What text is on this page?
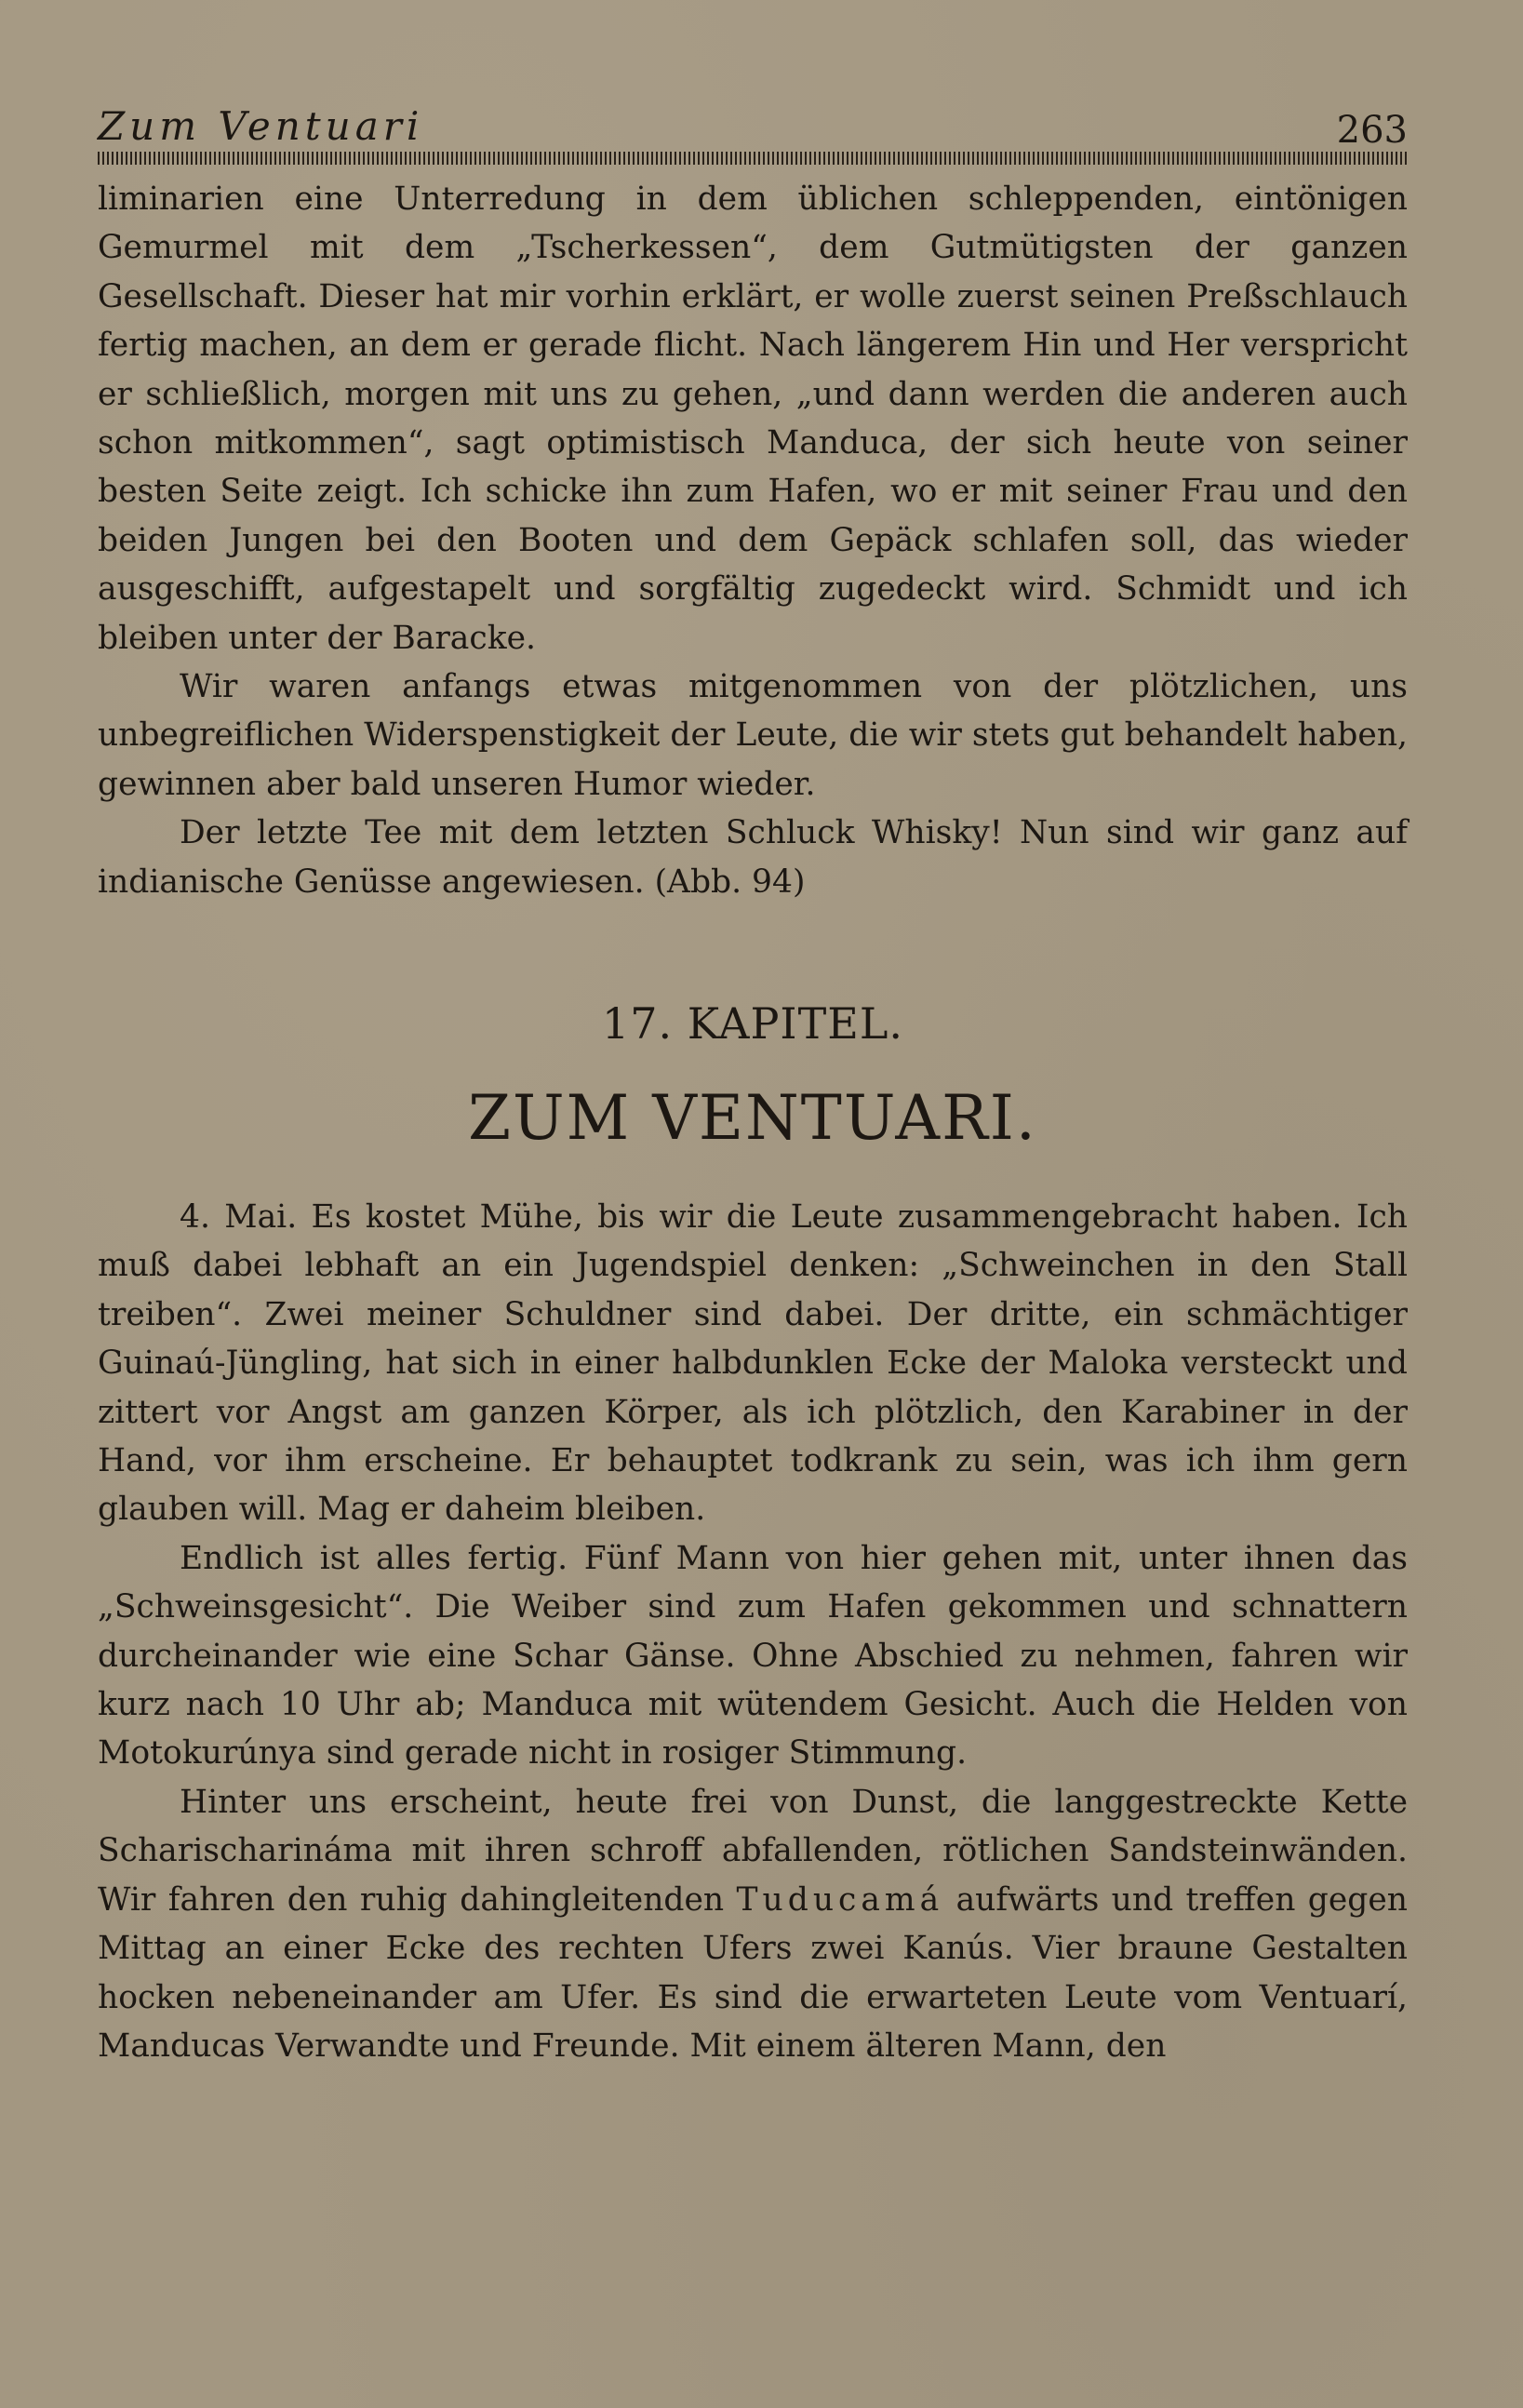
Zum Ventuari	263

liminarien eine Unterredung in dem üblichen schleppenden, eintönigen Gemurmel mit dem „Tscherkessen“, dem Gutmütigsten der ganzen Gesellschaft. Dieser hat mir vorhin erklärt, er wolle zuerst seinen Preßschlauch fertig machen, an dem er gerade flicht. Nach längerem Hin und Her verspricht er schließlich, morgen mit uns zu gehen, „und dann werden die anderen auch schon mitkommen“, sagt optimistisch Manduca, der sich heute von seiner besten Seite zeigt. Ich schicke ihn zum Hafen, wo er mit seiner Frau und den beiden Jungen bei den Booten und dem Gepäck schlafen soll, das wieder ausgeschifft, aufgestapelt und sorgfältig zugedeckt wird. Schmidt und ich bleiben unter der Baracke.

Wir waren anfangs etwas mitgenommen von der plötzlichen, uns unbegreiflichen Widerspenstigkeit der Leute, die wir stets gut behandelt haben, gewinnen aber bald unseren Humor wieder.

Der letzte Tee mit dem letzten Schluck Whisky! Nun sind wir ganz auf indianische Genüsse angewiesen. (Abb. 94)

17. KAPITEL.
ZUM VENTUARI.

4. Mai. Es kostet Mühe, bis wir die Leute zusammengebracht haben. Ich muß dabei lebhaft an ein Jugendspiel denken: „Schweinchen in den Stall treiben“. Zwei meiner Schuldner sind dabei. Der dritte, ein schmächtiger Guinaú-Jüngling, hat sich in einer halbdunklen Ecke der Maloka versteckt und zittert vor Angst am ganzen Körper, als ich plötzlich, den Karabiner in der Hand, vor ihm erscheine. Er behauptet todkrank zu sein, was ich ihm gern glauben will. Mag er daheim bleiben.

Endlich ist alles fertig. Fünf Mann von hier gehen mit, unter ihnen das „Schweinsgesicht“. Die Weiber sind zum Hafen gekommen und schnattern durcheinander wie eine Schar Gänse. Ohne Abschied zu nehmen, fahren wir kurz nach 10 Uhr ab; Manduca mit wütendem Gesicht. Auch die Helden von Motokurúnya sind gerade nicht in rosiger Stimmung.

Hinter uns erscheint, heute frei von Dunst, die langgestreckte Kette Scharischarináma mit ihren schroff abfallenden, rötlichen Sandsteinwänden. Wir fahren den ruhig dahingleitenden Tuducamá aufwärts und treffen gegen Mittag an einer Ecke des rechten Ufers zwei Kanús. Vier braune Gestalten hocken nebeneinander am Ufer. Es sind die erwarteten Leute vom Ventuarí, Manducas Verwandte und Freunde. Mit einem älteren Mann, den
